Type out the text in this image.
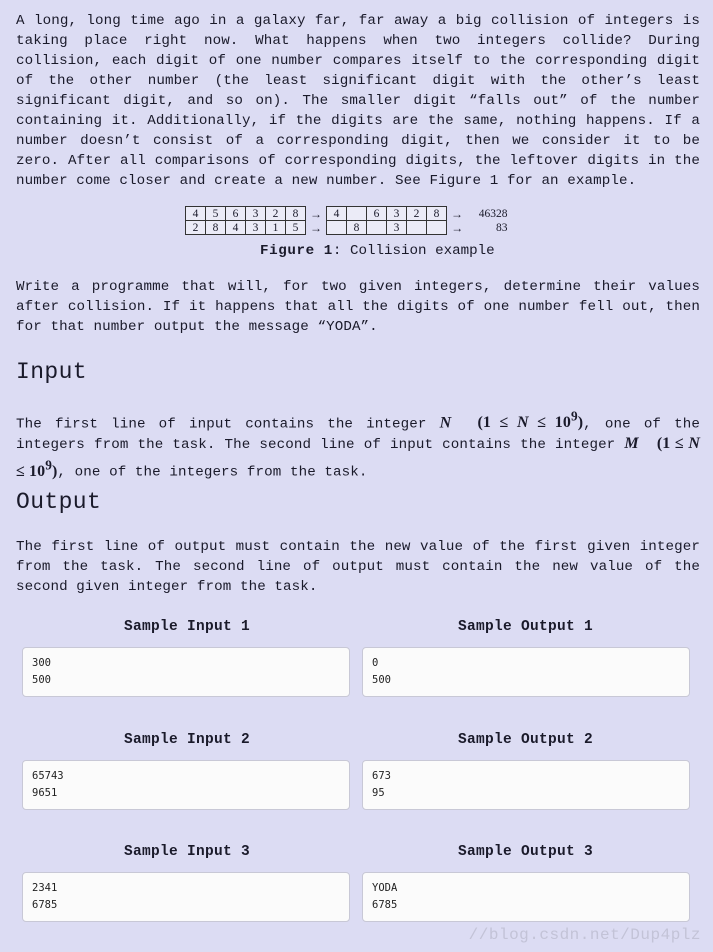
A long, long time ago in a galaxy far, far away a big collision of integers is taking place right now. What happens when two integers collide? During collision, each digit of one number compares itself to the corresponding digit of the other number (the least significant digit with the other’s least significant digit, and so on). The smaller digit “falls out” of the number containing it. Additionally, if the digits are the same, nothing happens. If a number doesn’t consist of a corresponding digit, then we consider it to be zero. After all comparisons of corresponding digits, the leftover digits in the number come closer and create a new number. See Figure 1 for an example.

4	5	6	3	2	8	→	4		6	3	2	8	→	46328
2	8	4	3	1	5	→		8		3			→	83
Figure 1: Collision example

Write a programme that will, for two given integers, determine their values after collision. If it happens that all the digits of one number fell out, then for that number output the message “YODA”.

Input

The first line of input contains the integer N $(1 \le N \le 10^9)$, one of the integers from the task. The second line of input contains the integer M $(1 \le N \le 10^9)$, one of the integers from the task.

Output

The first line of output must contain the new value of the first given integer from the task. The second line of output must contain the new value of the second given integer from the task.

Sample Input 1	Sample Output 1
300
500
0
500
Sample Input 2	Sample Output 2
65743
9651
673
95
Sample Input 3	Sample Output 3
2341
6785
YODA
6785
//blog.csdn.net/Dup4plz
